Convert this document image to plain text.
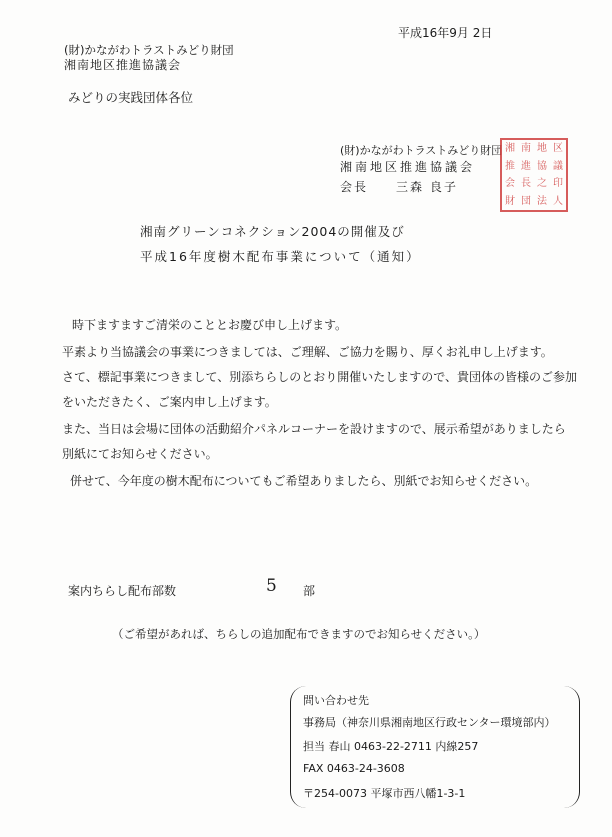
平成16年9月 2日
(財)かながわトラストみどり財団
湘南地区推進協議会
みどりの実践団体各位
(財)かながわトラストみどり財団
湘南地区推進協議会
会長 三森 良子
湘 南 地 区
推 進 協 議
会 長 之 印
財 団 法 人
湘南グリーンコネクション2004の開催及び
平成16年度樹木配布事業について（通知）

時下ますますご清栄のこととお慶び申し上げます。

平素より当協議会の事業につきましては、ご理解、ご協力を賜り、厚くお礼申し上げます。

さて、標記事業につきまして、別添ちらしのとおり開催いたしますので、貴団体の皆様のご参加

をいただきたく、ご案内申し上げます。

また、当日は会場に団体の活動紹介パネルコーナーを設けますので、展示希望がありましたら

別紙にてお知らせください。

併せて、今年度の樹木配布についてもご希望ありましたら、別紙でお知らせください。

案内ちらし配布部数	5 部
（ご希望があれば、ちらしの追加配布できますのでお知らせください。）

問い合わせ先

事務局（神奈川県湘南地区行政センター環境部内）

担当 春山 0463-22-2711 内線257

FAX 0463-24-3608

〒254-0073 平塚市西八幡1-3-1
